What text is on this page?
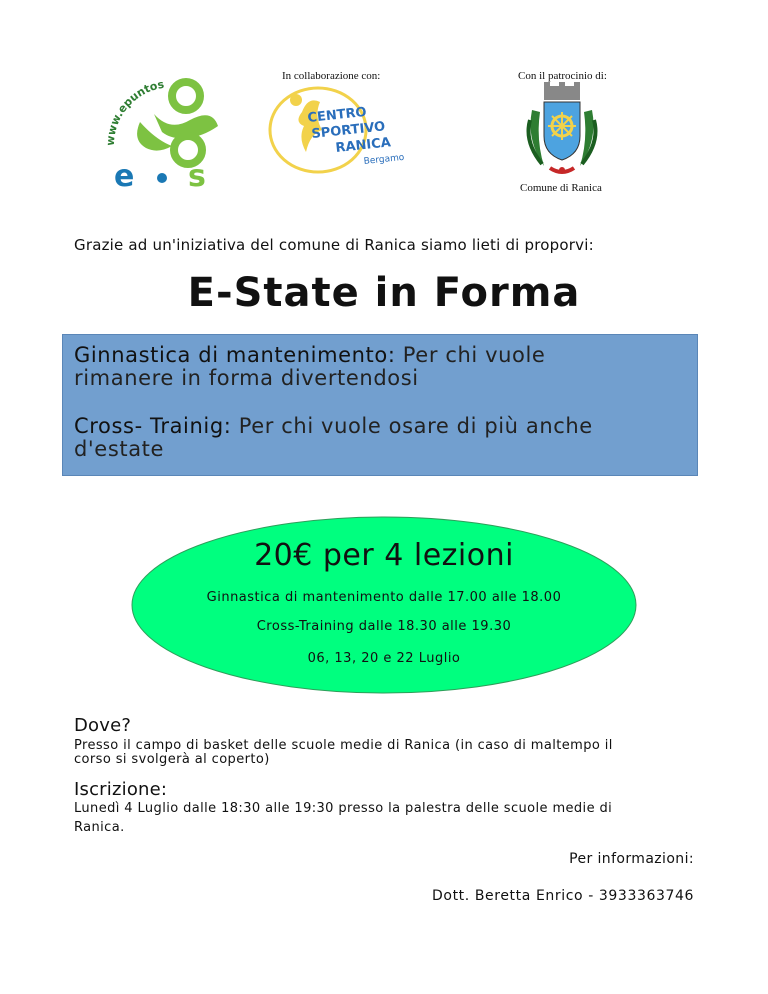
www.epuntos
e s
In collaborazione con:
CENTRO
SPORTIVO
RANICA
Bergamo
Con il patrocinio di:
Comune di Ranica
Grazie ad un'iniziativa del comune di Ranica siamo lieti di proporvi:
E-State in Forma
Ginnastica di mantenimento: Per chi vuole
rimanere in forma divertendosi
Cross- Trainig: Per chi vuole osare di più anche
d'estate
20€ per 4 lezioni
Ginnastica di mantenimento dalle 17.00 alle 18.00
Cross-Training dalle 18.30 alle 19.30
06, 13, 20 e 22 Luglio
Dove?
Presso il campo di basket delle scuole medie di Ranica (in caso di maltempo il
corso si svolgerà al coperto)
Iscrizione:
Lunedì 4 Luglio dalle 18:30 alle 19:30 presso la palestra delle scuole medie di
Ranica.
Per informazioni:
Dott. Beretta Enrico - 3933363746
